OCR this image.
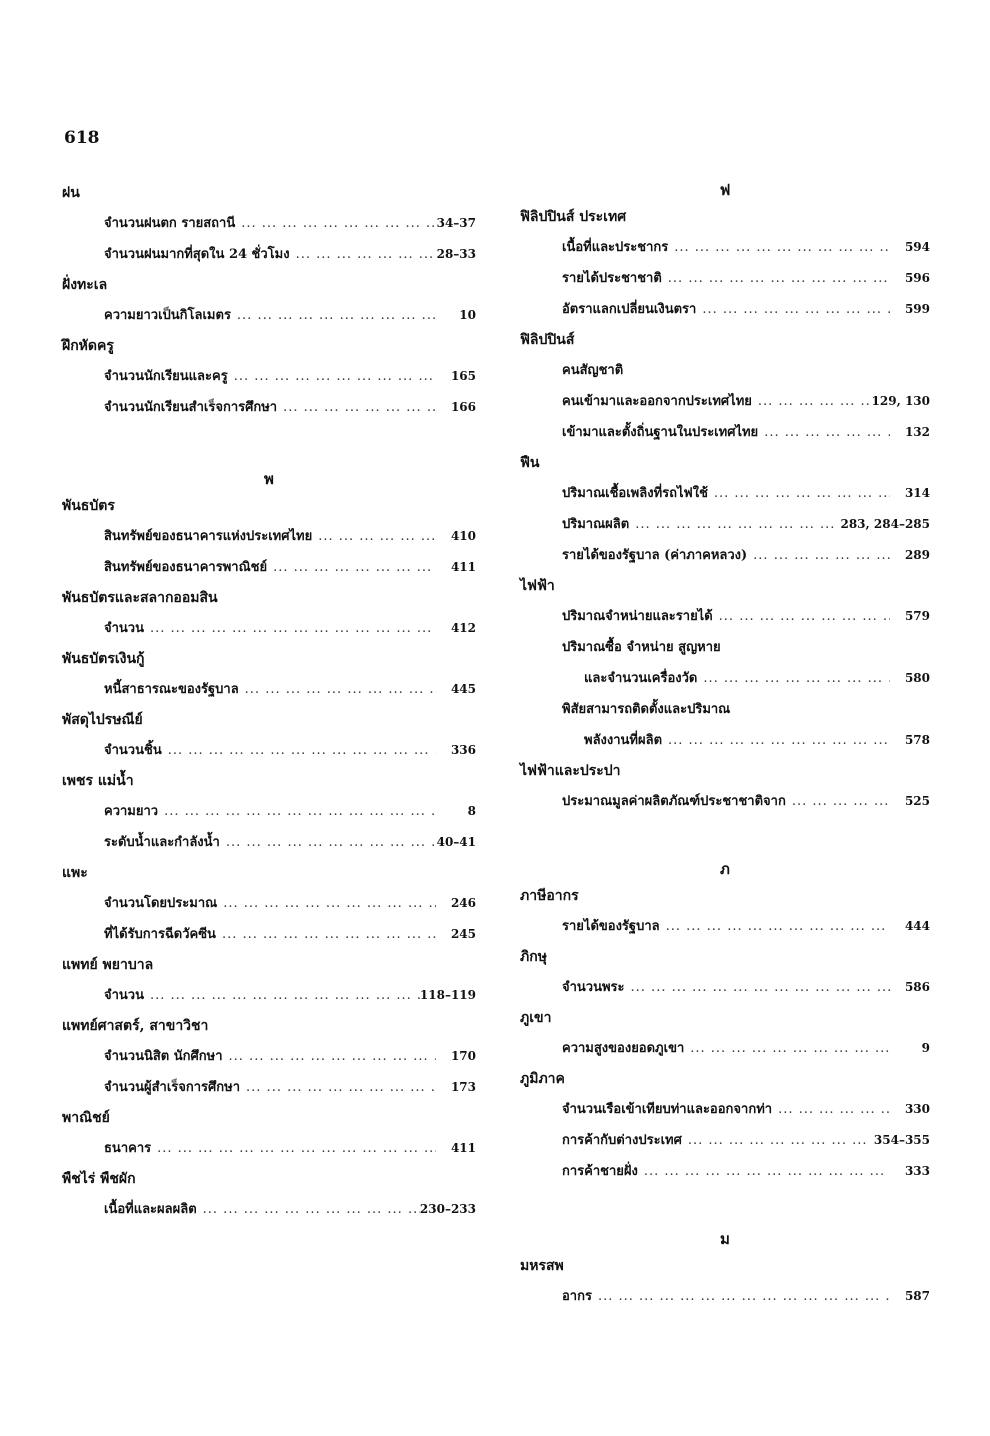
618
ฝน
จำนวนฝนตก รายสถานี ... .	34–37
จำนวนฝนมากที่สุดใน 24 ชั่วโมง ... .	28–33
ฝั่งทะเล
ความยาวเป็นกิโลเมตร ... .	10
ฝึกหัดครู
จำนวนนักเรียนและครู ... .	165
จำนวนนักเรียนสำเร็จการศึกษา ... .	166
พ
พันธบัตร
สินทรัพย์ของธนาคารแห่งประเทศไทย ... .	410
สินทรัพย์ของธนาคารพาณิชย์ ... .	411
พันธบัตรและสลากออมสิน
จำนวน ... .	412
พันธบัตรเงินกู้
หนี้สาธารณะของรัฐบาล ... .	445
พัสดุไปรษณีย์
จำนวนชิ้น ... .	336
เพชร แม่น้ำ
ความยาว ... .	8
ระดับน้ำและกำลังน้ำ ... .	40–41
แพะ
จำนวนโดยประมาณ ... .	246
ที่ได้รับการฉีดวัคซีน ... .	245
แพทย์ พยาบาล
จำนวน ... .	118–119
แพทย์ศาสตร์, สาขาวิชา
จำนวนนิสิต นักศึกษา ... .	170
จำนวนผู้สำเร็จการศึกษา ... .	173
พาณิชย์
ธนาคาร ... .	411
พืชไร่ พืชผัก
เนื้อที่และผลผลิต ... .	230–233
ฟ
ฟิลิปปินส์ ประเทศ
เนื้อที่และประชากร ... .	594
รายได้ประชาชาติ ... .	596
อัตราแลกเปลี่ยนเงินตรา ... .	599
ฟิลิปปินส์
คนสัญชาติ
คนเข้ามาและออกจากประเทศไทย ... .	129, 130
เข้ามาและตั้งถิ่นฐานในประเทศไทย ... .	132
ฟืน
ปริมาณเชื้อเพลิงที่รถไฟใช้ ... .	314
ปริมาณผลิต ... .	283, 284–285
รายได้ของรัฐบาล (ค่าภาคหลวง) ... .	289
ไฟฟ้า
ปริมาณจำหน่ายและรายได้ ... .	579
ปริมาณซื้อ จำหน่าย สูญหาย
และจำนวนเครื่องวัด ... .	580
พิสัยสามารถติดตั้งและปริมาณ
พลังงานที่ผลิต ... .	578
ไฟฟ้าและประปา
ประมาณมูลค่าผลิตภัณฑ์ประชาชาติจาก ... .	525
ภ
ภาษีอากร
รายได้ของรัฐบาล ... .	444
ภิกษุ
จำนวนพระ ... .	586
ภูเขา
ความสูงของยอดภูเขา ... .	9
ภูมิภาค
จำนวนเรือเข้าเทียบท่าและออกจากท่า ... .	330
การค้ากับต่างประเทศ ... .	354–355
การค้าชายฝั่ง ... .	333
ม
มหรสพ
อากร ... .	587
